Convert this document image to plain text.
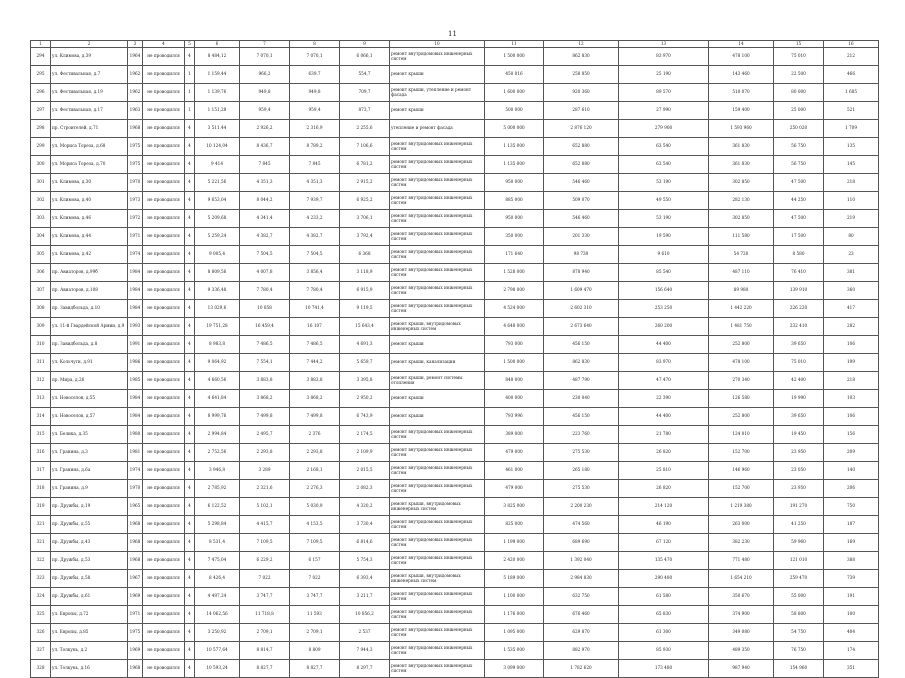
11
1	2	3	4	5	6	7	8	9	10	11	12	13	14	15	16
294	ул. Климова, д.39	1964	не проводился	4	8 484,12	7 070,1	7 070,1	6 066,1	ремонт внутридомовых инженерных систем	1 500 000	862 830	83 970	478 100	75 010	212
295	ул. Фестивальная, д.7	1962	не проводился	1	1 159,44	966,2	639,7	554,7	ремонт крыши	450 016	258 850	25 190	143 460	22 500	466
296	ул. Фестивальная, д.19	1962	не проводился	1	1 139,76	949,8	949,8	709,7	ремонт крыши, утепление и ремонт фасада	1 600 000	920 360	89 570	510 070	80 000	1 685
297	ул. Фестивальная, д.17	1963	не проводился	1	1 151,28	959,4	959,4	873,7	ремонт крыши	500 000	287 610	27 990	159 400	25 000	521
298	пр. Строителей, д.71	1968	не проводился	4	3 511,44	2 926,2	2 316,9	2 255,6	утепление и ремонт фасада	5 000 000	2 876 120	279 900	1 593 960	250 020	1 709
299	ул. Мориса Тореза, д.68	1975	не проводился	4	10 124,04	8 436,7	8 789,2	7 106,6	ремонт внутридомовых инженерных систем	1 135 000	652 880	63 540	361 830	56 750	135
300	ул. Мориса Тореза, д.70	1975	не проводился	4	9 414	7 845	7 845	6 781,2	ремонт внутридомовых инженерных систем	1 135 000	652 880	63 540	361 830	56 750	145
301	ул. Климова, д.30	1970	не проводился	4	5 221,56	4 351,3	4 351,3	2 915,2	ремонт внутридомовых инженерных систем	950 000	546 460	53 190	302 850	47 500	218
302	ул. Климова, д.40	1973	не проводился	4	9 653,04	8 044,2	7 939,7	6 925,2	ремонт внутридомовых инженерных систем	885 000	509 070	49 550	282 130	44 250	110
303	ул. Климова, д.46	1972	не проводился	4	5 209,68	4 341,4	4 233,2	3 706,1	ремонт внутридомовых инженерных систем	950 000	546 460	53 190	302 850	47 500	219
304	ул. Климова, д.44	1971	не проводился	4	5 259,24	4 382,7	4 382,7	3 792,4	ремонт внутридомовых инженерных систем	350 000	201 330	19 590	111 580	17 500	80
305	ул. Климова, д.42	1974	не проводился	4	9 005,4	7 504,5	7 504,5	6 368	ремонт внутридомовых инженерных систем	171 640	98 730	9 610	54 720	8 580	23
306	пр. Авиаторов, д.99б	1984	не проводился	4	8 809,56	4 007,8	3 856,4	3 118,9	ремонт внутридомовых инженерных систем	1 528 000	878 940	85 540	487 110	76 410	381
307	пр. Авиаторов, д.108	1984	не проводился	4	9 336,48	7 780,4	7 780,4	6 915,9	ремонт внутридомовых инженерных систем	2 798 000	1 609 470	156 640	89 980	139 910	360
308	пр. Завидбольда, д.10	1984	не проводился	4	13 029,6	10 858	10 741,4	9 119,5	ремонт внутридомовых инженерных систем	4 524 000	2 602 310	253 250	1 442 220	226 220	417
309	ул. 11-й Гвардейской Армии, д.9	1993	не проводился	4	19 751,28	16 459,4	16 107	15 643,4	ремонт крыши, внутридомовых инженерных систем	4 648 000	2 673 640	260 200	1 481 750	232 410	282
310	пр. Завидбольда, д.8	1991	не проводился	4	8 983,8	7 486,5	7 486,5	4 691,3	ремонт крыши	793 000	456 150	44 400	252 800	39 650	106
311	ул. Кольчуги, д.91	1986	не проводился	4	9 064,92	7 554,1	7 444,2	5 659,7	ремонт крыши, канализации	1 500 000	862 830	83 970	478 100	75 010	199
312	пр. Мира, д.26	1985	не проводился	4	4 660,56	3 883,8	3 883,8	3 395,8	ремонт крыши, ремонт системы отопления	848 000	487 790	47 470	270 340	42 400	218
313	ул. Новоселов, д.55	1984	не проводился	4	4 641,84	3 868,2	3 868,2	2 950,2	ремонт крыши	400 000	230 040	22 390	126 580	19 990	103
314	ул. Новоселов, д.57	1984	не проводился	4	8 999,76	7 499,8	7 499,8	6 743,9	ремонт крыши	793 996	456 150	44 400	252 800	39 650	106
315	ул. Белика, д.35	1980	не проводился	4	2 994,84	2 495,7	2 376	2 174,5	ремонт внутридомовых инженерных систем	389 000	223 760	21 780	124 010	19 450	156
316	ул. Гранина, д.3	1981	не проводился	4	2 752,56	2 293,8	2 293,8	2 109,9	ремонт внутридомовых инженерных систем	479 000	275 530	26 820	152 700	23 950	209
317	ул. Гранина, д.6а	1974	не проводился	4	3 946,8	3 289	2 168,1	2 015,5	ремонт внутридомовых инженерных систем	461 000	265 180	25 810	146 960	23 050	140
318	ул. Гранина, д.9	1970	не проводился	4	2 785,92	2 321,6	2 276,3	2 082,3	ремонт внутридомовых инженерных систем	479 000	275 530	26 820	152 700	23 950	206
319	пр. Дружбы, д.19	1965	не проводился	4	6 122,52	5 102,1	5 030,9	4 320,2	ремонт крыши, внутридомовых инженерных систем	3 825 000	2 200 230	214 120	1 219 380	191 270	750
321	пр. Дружбы, д.55	1968	не проводился	4	5 298,84	4 415,7	4 153,5	3 730,4	ремонт внутридомовых инженерных систем	825 000	474 560	46 190	263 000	41 250	187
321	пр. Дружбы, д.43	1968	не проводился	4	8 531,4	7 109,5	7 109,5	6 814,6	ремонт внутридомовых инженерных систем	1 199 000	689 690	67 120	382 230	59 960	169
322	пр. Дружбы, д.53	1968	не проводился	4	7 475,04	6 229,2	6 157	5 754,3	ремонт внутридомовых инженерных систем	2 420 000	1 392 040	135 470	771 480	121 010	388
323	пр. Дружбы, д.58	1967	не проводился	4	8 426,4	7 022	7 022	6 393,4	ремонт крыши, внутридомовых инженерных систем	5 189 000	2 984 830	290 480	1 654 210	259 470	739
324	пр. Дружбы, д.61	1969	не проводился	4	4 497,24	3 747,7	3 747,7	3 211,7	ремонт внутридомовых инженерных систем	1 100 000	632 750	61 580	350 670	55 000	191
325	ул. Европы, д.72	1971	не проводился	4	14 062,56	11 718,8	11 593	10 856,2	ремонт внутридомовых инженерных систем	1 176 000	676 460	65 830	374 900	58 800	100
326	ул. Европы, д.85	1975	не проводился	4	3 250,92	2 709,1	2 709,1	2 537	ремонт внутридомовых инженерных систем	1 095 000	629 870	61 300	349 080	54 750	404
327	ул. Толкунь, д.2	1969	не проводился	4	10 577,64	8 814,7	8 809	7 944,3	ремонт внутридомовых инженерных систем	1 535 000	882 970	85 930	489 350	76 750	174
328	ул. Толкунь, д.16	1968	не проводился	4	10 593,24	8 827,7	8 827,7	8 297,7	ремонт внутридомовых инженерных систем	3 099 000	1 782 620	173 480	987 940	154 960	351
